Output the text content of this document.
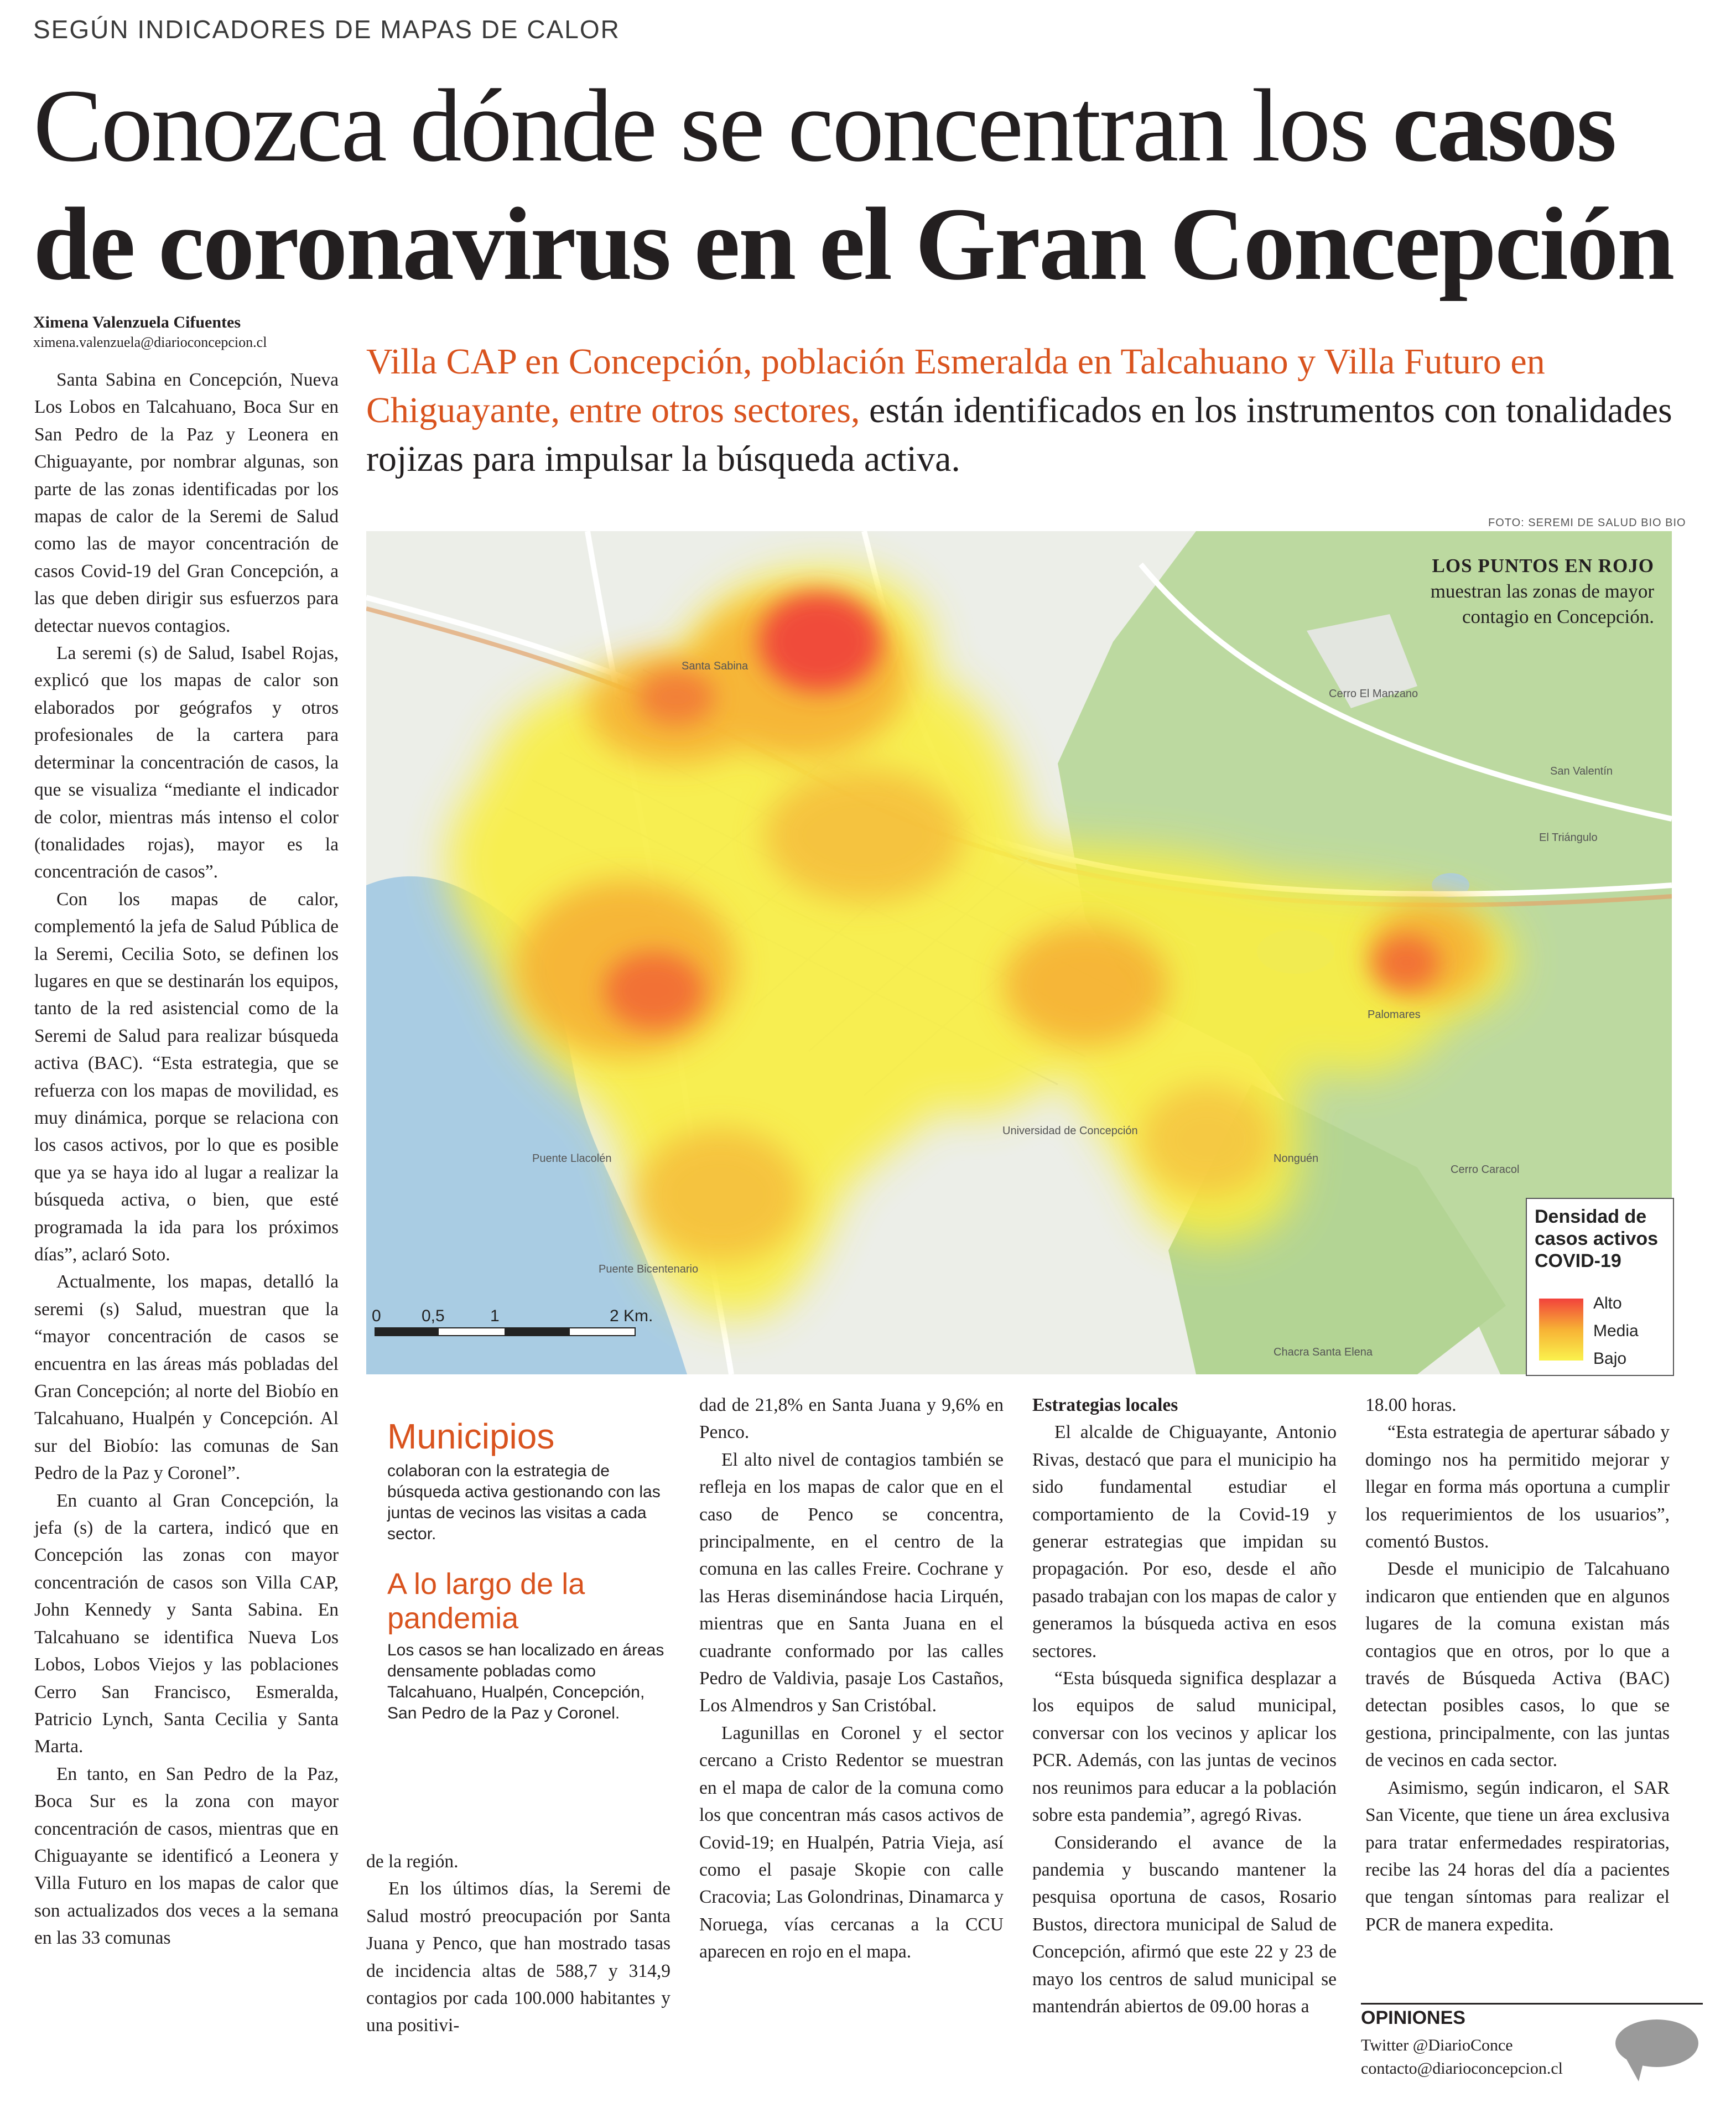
SEGÚN INDICADORES DE MAPAS DE CALOR
Conozca dónde se concentran los casos
de coronavirus en el Gran Concepción
Ximena Valenzuela Cifuentes
ximena.valenzuela@diarioconcepcion.cl	Villa CAP en Concepción, población Esmeralda en Talcahuano y Villa Futuro en Chiguayante, entre otros sectores, están identificados en los instrumentos con tonalidades rojizas para impulsar la búsqueda activa.
FOTO: SEREMI DE SALUD BIO BIO
Santa Sabina
San Valentín
El Triángulo
Cerro El Manzano
Puente Llacolén
Puente Bicentenario
Universidad de Concepción
Nonguén
Palomares
Chacra Santa Elena
Cerro Caracol
0 0,5	1	2 Km.
LOS PUNTOS EN ROJO
muestran las zonas de mayor contagio en Concepción.
Densidad de casos activos COVID-19
Alto
Media
Bajo

Santa Sabina en Concepción, Nueva Los Lobos en Talcahuano, Boca Sur en San Pedro de la Paz y Leonera en Chiguayante, por nombrar algunas, son parte de las zonas identificadas por los mapas de calor de la Seremi de Salud como las de mayor concentración de casos Covid-19 del Gran Concepción, a las que deben dirigir sus esfuerzos para detectar nuevos contagios.

La seremi (s) de Salud, Isabel Rojas, explicó que los mapas de calor son elaborados por geógrafos y otros profesionales de la cartera para determinar la concentración de casos, la que se visualiza “mediante el indicador de color, mientras más intenso el color (tonalidades rojas), mayor es la concentración de casos”.

Con los mapas de calor, complementó la jefa de Salud Pública de la Seremi, Cecilia Soto, se definen los lugares en que se destinarán los equipos, tanto de la red asistencial como de la Seremi de Salud para realizar búsqueda activa (BAC). “Esta estrategia, que se refuerza con los mapas de movilidad, es muy dinámica, porque se relaciona con los casos activos, por lo que es posible que ya se haya ido al lugar a realizar la búsqueda activa, o bien, que esté programada la ida para los próximos días”, aclaró Soto.

Actualmente, los mapas, detalló la seremi (s) Salud, muestran que la “mayor concentración de casos se encuentra en las áreas más pobladas del Gran Concepción; al norte del Biobío en Talcahuano, Hualpén y Concepción. Al sur del Biobío: las comunas de San Pedro de la Paz y Coronel”.

En cuanto al Gran Concepción, la jefa (s) de la cartera, indicó que en Concepción las zonas con mayor concentración de casos son Villa CAP, John Kennedy y Santa Sabina. En Talcahuano se identifica Nueva Los Lobos, Lobos Viejos y las poblaciones Cerro San Francisco, Esmeralda, Patricio Lynch, Santa Cecilia y Santa Marta.

En tanto, en San Pedro de la Paz, Boca Sur es la zona con mayor concentración de casos, mientras que en Chiguayante se identificó a Leonera y Villa Futuro en los mapas de calor que son actualizados dos veces a la semana en las 33 comunas

Municipios
colaboran con la estrategia de búsqueda activa gestionando con las juntas de vecinos las visitas a cada sector.
A lo largo de la pandemia
Los casos se han localizado en áreas densamente pobladas como Talcahuano, Hualpén, Concepción, San Pedro de la Paz y Coronel.

de la región.

En los últimos días, la Seremi de Salud mostró preocupación por Santa Juana y Penco, que han mostrado tasas de incidencia altas de 588,7 y 314,9 contagios por cada 100.000 habitantes y una positivi-

dad de 21,8% en Santa Juana y 9,6% en Penco.

El alto nivel de contagios también se refleja en los mapas de calor que en el caso de Penco se concentra, principalmente, en el centro de la comuna en las calles Freire. Cochrane y las Heras diseminándose hacia Lirquén, mientras que en Santa Juana en el cuadrante conformado por las calles Pedro de Valdivia, pasaje Los Castaños, Los Almendros y San Cristóbal.

Lagunillas en Coronel y el sector cercano a Cristo Redentor se muestran en el mapa de calor de la comuna como los que concentran más casos activos de Covid-19; en Hualpén, Patria Vieja, así como el pasaje Skopie con calle Cracovia; Las Golondrinas, Dinamarca y Noruega, vías cercanas a la CCU aparecen en rojo en el mapa.

Estrategias locales

El alcalde de Chiguayante, Antonio Rivas, destacó que para el municipio ha sido fundamental estudiar el comportamiento de la Covid-19 y generar estrategias que impidan su propagación. Por eso, desde el año pasado trabajan con los mapas de calor y generamos la búsqueda activa en esos sectores.

“Esta búsqueda significa desplazar a los equipos de salud municipal, conversar con los vecinos y aplicar los PCR. Además, con las juntas de vecinos nos reunimos para educar a la población sobre esta pandemia”, agregó Rivas.

Considerando el avance de la pandemia y buscando mantener la pesquisa oportuna de casos, Rosario Bustos, directora municipal de Salud de Concepción, afirmó que este 22 y 23 de mayo los centros de salud municipal se mantendrán abiertos de 09.00 horas a

18.00 horas.

“Esta estrategia de aperturar sábado y domingo nos ha permitido mejorar y llegar en forma más oportuna a cumplir los requerimientos de los usuarios”, comentó Bustos.

Desde el municipio de Talcahuano indicaron que entienden que en algunos lugares de la comuna existan más contagios que en otros, por lo que a través de Búsqueda Activa (BAC) detectan posibles casos, lo que se gestiona, principalmente, con las juntas de vecinos en cada sector.

Asimismo, según indicaron, el SAR San Vicente, que tiene un área exclusiva para tratar enfermedades respiratorias, recibe las 24 horas del día a pacientes que tengan síntomas para realizar el PCR de manera expedita.

OPINIONES
Twitter @DiarioConce
contacto@diarioconcepcion.cl
